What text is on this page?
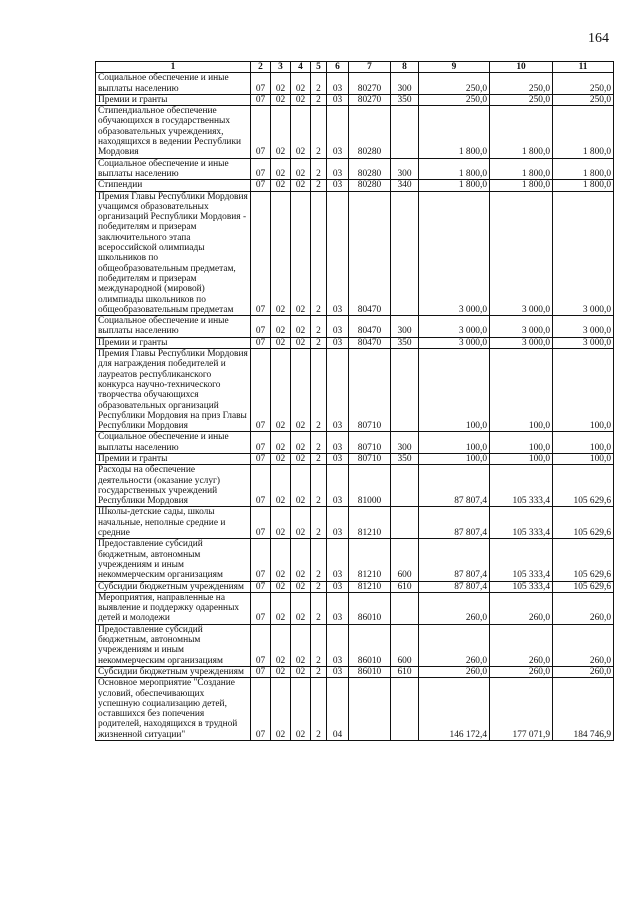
164
1	2	3	4	5	6	7	8	9	10	11
Социальное обеспечение и иные выплаты населению	07	02	02	2	03	80270	300	250,0	250,0	250,0
Премии и гранты	07	02	02	2	03	80270	350	250,0	250,0	250,0
Стипендиальное обеспечение обучающихся в государственных образовательных учреждениях, находящихся в ведении Республики Мордовия	07	02	02	2	03	80280		1 800,0	1 800,0	1 800,0
Социальное обеспечение и иные выплаты населению	07	02	02	2	03	80280	300	1 800,0	1 800,0	1 800,0
Стипендии	07	02	02	2	03	80280	340	1 800,0	1 800,0	1 800,0
Премия Главы Республики Мордовия учащимся образовательных организаций Республики Мордовия - победителям и призерам заключительного этапа всероссийской олимпиады школьников по общеобразовательным предметам, победителям и призерам международной (мировой) олимпиады школьников по общеобразовательным предметам	07	02	02	2	03	80470		3 000,0	3 000,0	3 000,0
Социальное обеспечение и иные выплаты населению	07	02	02	2	03	80470	300	3 000,0	3 000,0	3 000,0
Премии и гранты	07	02	02	2	03	80470	350	3 000,0	3 000,0	3 000,0
Премия Главы Республики Мордовия для награждения победителей и лауреатов республиканского конкурса научно-технического творчества обучающихся образовательных организаций Республики Мордовия на приз Главы Республики Мордовия	07	02	02	2	03	80710		100,0	100,0	100,0
Социальное обеспечение и иные выплаты населению	07	02	02	2	03	80710	300	100,0	100,0	100,0
Премии и гранты	07	02	02	2	03	80710	350	100,0	100,0	100,0
Расходы на обеспечение деятельности (оказание услуг) государственных учреждений Республики Мордовия	07	02	02	2	03	81000		87 807,4	105 333,4	105 629,6
Школы-детские сады, школы начальные, неполные средние и средние	07	02	02	2	03	81210		87 807,4	105 333,4	105 629,6
Предоставление субсидий бюджетным, автономным учреждениям и иным некоммерческим организациям	07	02	02	2	03	81210	600	87 807,4	105 333,4	105 629,6
Субсидии бюджетным учреждениям	07	02	02	2	03	81210	610	87 807,4	105 333,4	105 629,6
Мероприятия, направленные на выявление и поддержку одаренных детей и молодежи	07	02	02	2	03	86010		260,0	260,0	260,0
Предоставление субсидий бюджетным, автономным учреждениям и иным некоммерческим организациям	07	02	02	2	03	86010	600	260,0	260,0	260,0
Субсидии бюджетным учреждениям	07	02	02	2	03	86010	610	260,0	260,0	260,0
Основное мероприятие "Создание условий, обеспечивающих успешную социализацию детей, оставшихся без попечения родителей, находящихся в трудной жизненной ситуации"	07	02	02	2	04			146 172,4	177 071,9	184 746,9
